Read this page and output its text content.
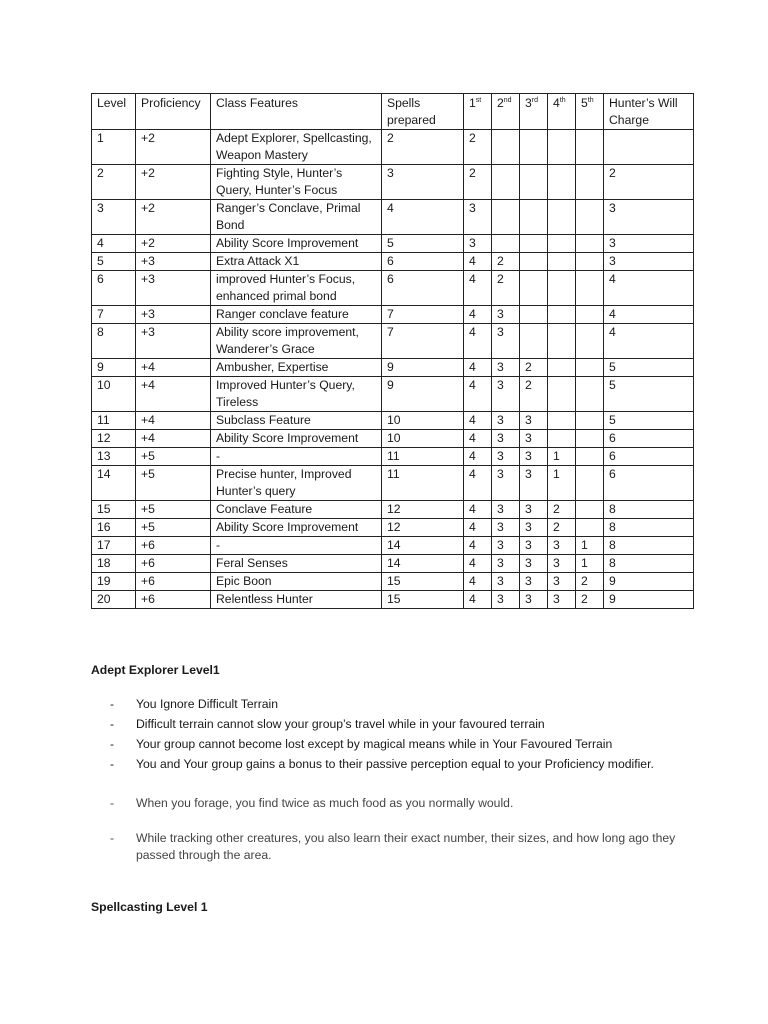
Level	Proficiency	Class Features	Spells prepared	1st	2nd	3rd	4th	5th	Hunter’s Will Charge
1	+2	Adept Explorer, Spellcasting, Weapon Mastery	2	2					
2	+2	Fighting Style, Hunter’s Query, Hunter’s Focus	3	2					2
3	+2	Ranger’s Conclave, Primal Bond	4	3					3
4	+2	Ability Score Improvement	5	3					3
5	+3	Extra Attack X1	6	4	2				3
6	+3	improved Hunter’s Focus, enhanced primal bond	6	4	2				4
7	+3	Ranger conclave feature	7	4	3				4
8	+3	Ability score improvement, Wanderer’s Grace	7	4	3				4
9	+4	Ambusher, Expertise	9	4	3	2			5
10	+4	Improved Hunter’s Query, Tireless	9	4	3	2			5
11	+4	Subclass Feature	10	4	3	3			5
12	+4	Ability Score Improvement	10	4	3	3			6
13	+5	-	11	4	3	3	1		6
14	+5	Precise hunter, Improved Hunter’s query	11	4	3	3	1		6
15	+5	Conclave Feature	12	4	3	3	2		8
16	+5	Ability Score Improvement	12	4	3	3	2		8
17	+6	-	14	4	3	3	3	1	8
18	+6	Feral Senses	14	4	3	3	3	1	8
19	+6	Epic Boon	15	4	3	3	3	2	9
20	+6	Relentless Hunter	15	4	3	3	3	2	9
Adept Explorer Level1
- You Ignore Difficult Terrain
- Difficult terrain cannot slow your group’s travel while in your favoured terrain
- Your group cannot become lost except by magical means while in Your Favoured Terrain
- You and Your group gains a bonus to their passive perception equal to your Proficiency modifier.
-	When you forage, you find twice as much food as you normally would.
-	While tracking other creatures, you also learn their exact number, their sizes, and how long ago they passed through the area.
Spellcasting Level 1
